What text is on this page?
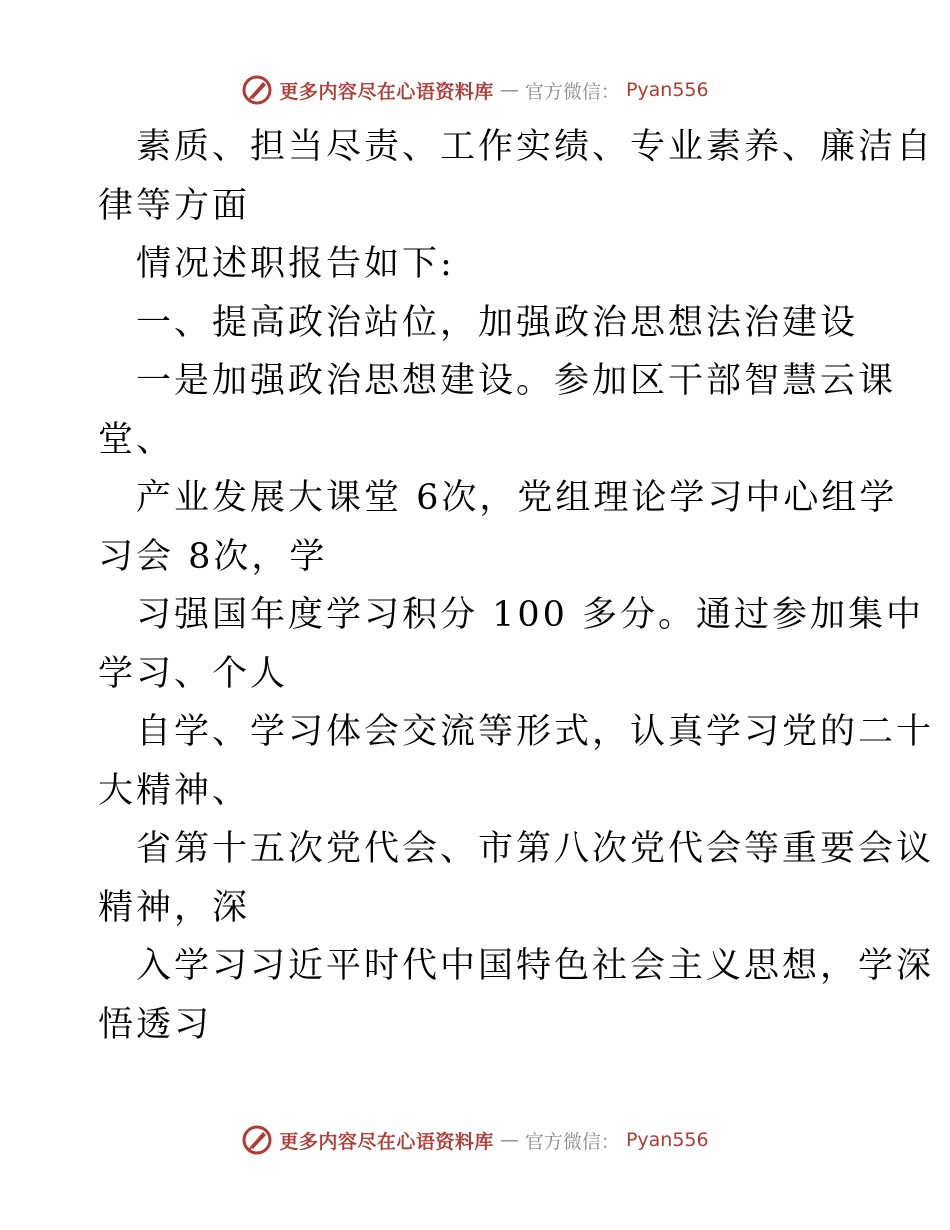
更多内容尽在心语资料库 — 官方微信： Pyan556
素质、担当尽责、工作实绩、专业素养、廉洁自
律等方面
情况述职报告如下:
一、提高政治站位，加强政治思想法治建设
一是加强政治思想建设。参加区干部智慧云课
堂、
产业发展大课堂 6次，党组理论学习中心组学
习会 8次，学
习强国年度学习积分 100 多分。通过参加集中
学习、个人
自学、学习体会交流等形式，认真学习党的二十
大精神、
省第十五次党代会、市第八次党代会等重要会议
精神，深
入学习习近平时代中国特色社会主义思想，学深
悟透习
更多内容尽在心语资料库 — 官方微信： Pyan556
